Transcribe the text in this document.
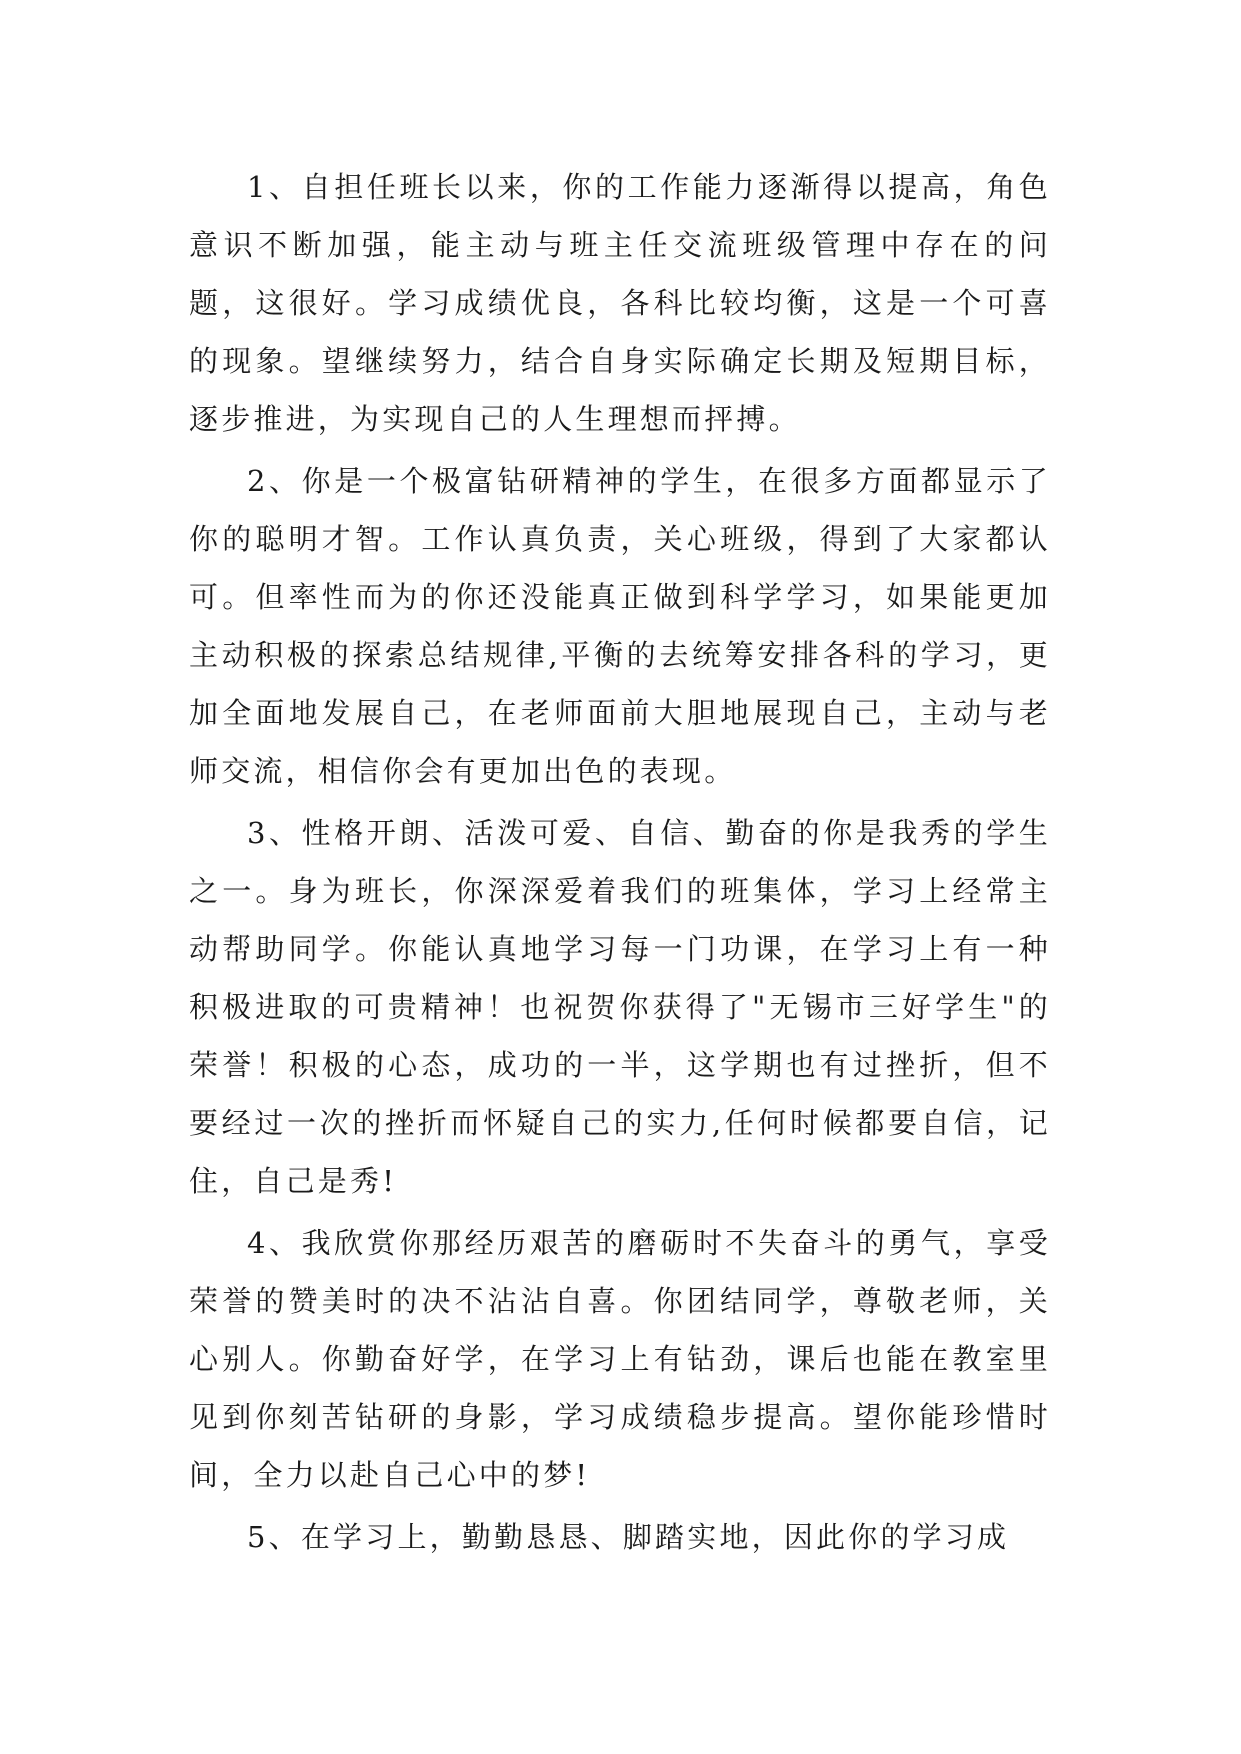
1、自担任班长以来，你的工作能力逐渐得以提高，角色意识不断加强，能主动与班主任交流班级管理中存在的问题，这很好。学习成绩优良，各科比较均衡，这是一个可喜的现象。望继续努力，结合自身实际确定长期及短期目标，逐步推进，为实现自己的人生理想而抨搏。

2、你是一个极富钻研精神的学生，在很多方面都显示了你的聪明才智。工作认真负责，关心班级，得到了大家都认可。但率性而为的你还没能真正做到科学学习，如果能更加主动积极的探索总结规律,平衡的去统筹安排各科的学习，更加全面地发展自己，在老师面前大胆地展现自己，主动与老师交流，相信你会有更加出色的表现。

3、性格开朗、活泼可爱、自信、勤奋的你是我秀的学生之一。身为班长，你深深爱着我们的班集体，学习上经常主动帮助同学。你能认真地学习每一门功课，在学习上有一种积极进取的可贵精神！也祝贺你获得了"无锡市三好学生"的荣誉！积极的心态，成功的一半，这学期也有过挫折，但不要经过一次的挫折而怀疑自己的实力,任何时候都要自信，记住，自己是秀!

4、我欣赏你那经历艰苦的磨砺时不失奋斗的勇气，享受荣誉的赞美时的决不沾沾自喜。你团结同学，尊敬老师，关心别人。你勤奋好学，在学习上有钻劲，课后也能在教室里见到你刻苦钻研的身影，学习成绩稳步提高。望你能珍惜时间，全力以赴自己心中的梦!

5、在学习上，勤勤恳恳、脚踏实地，因此你的学习成
